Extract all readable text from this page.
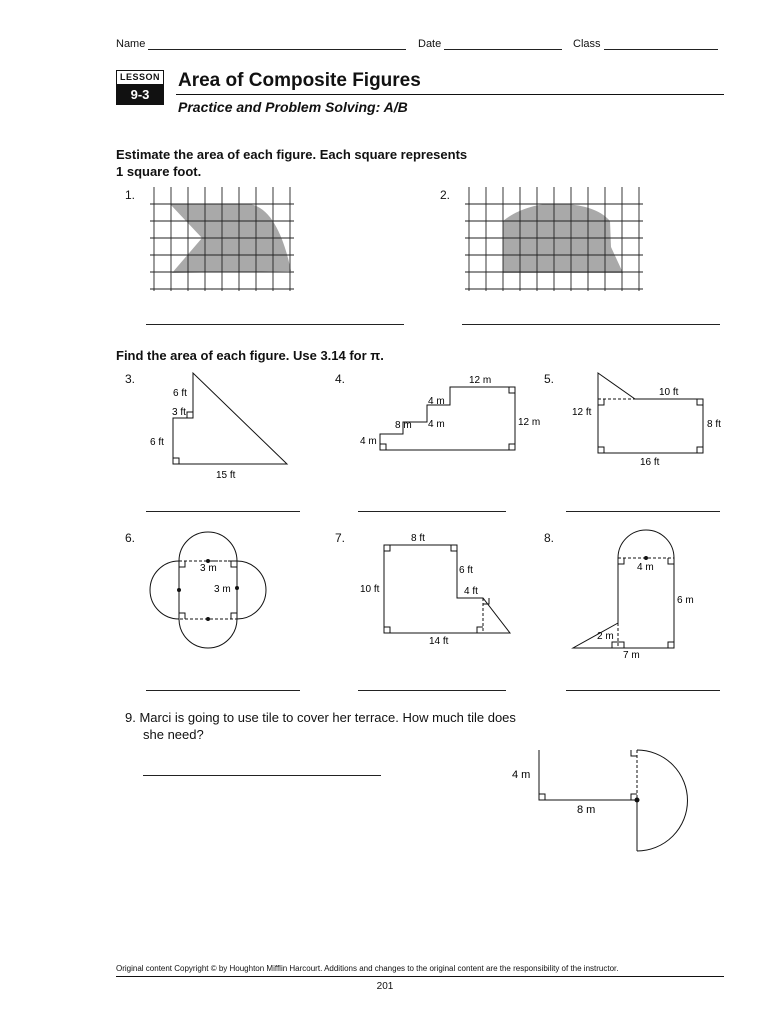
Name	Date	Class
LESSON
9-3
Area of Composite Figures
Practice and Problem Solving: A/B
Estimate the area of each figure. Each square represents
1 square foot.
1.	2.
Find the area of each figure. Use 3.14 for π.
3.	4.	5.
6 ft
3 ft
6 ft
15 ft
12 m
4 m
8 m 4 m	12 m
4 m
10 ft
12 ft
8 ft
16 ft
6.	7.	8.
3 m
3 m
8 ft
6 ft
10 ft	4 ft
14 ft
4 m
6 m
2 m
7 m
9. Marci is going to use tile to cover her terrace. How much tile does
she need?
4 m
8 m
Original content Copyright © by Houghton Mifflin Harcourt. Additions and changes to the original content are the responsibility of the instructor.
201
